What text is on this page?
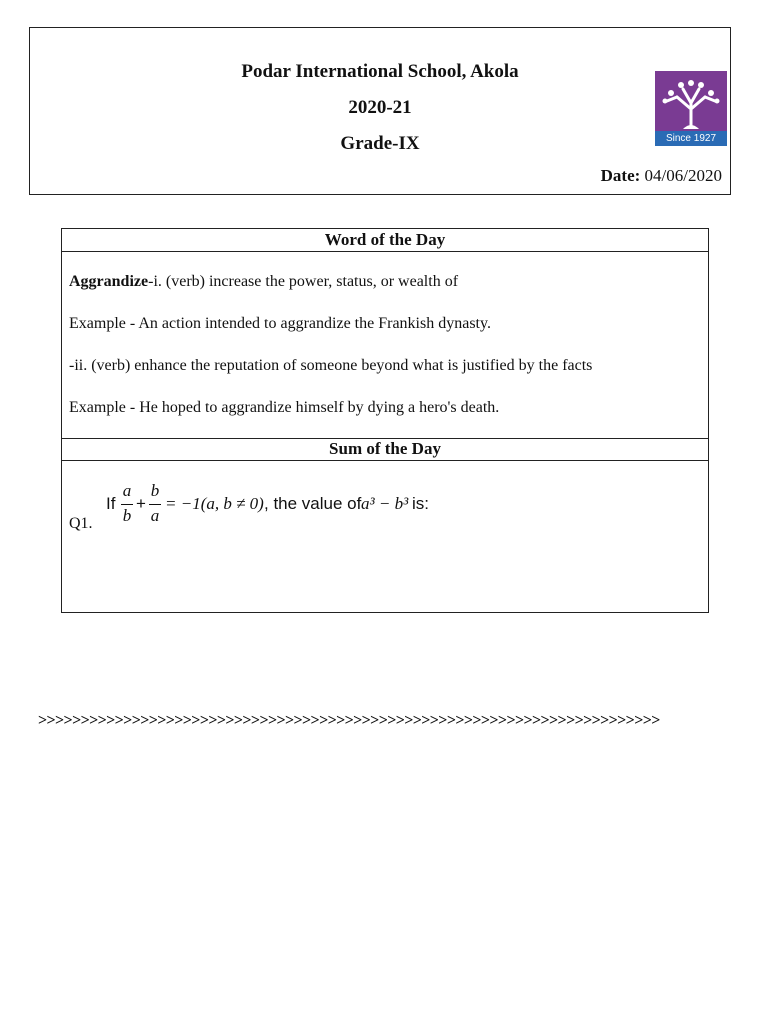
Podar International School, Akola
2020-21
Grade-IX	Since 1927
Date: 04/06/2020
Word of the Day
Aggrandize-i. (verb) increase the power, status, or wealth of
Example - An action intended to aggrandize the Frankish dynasty.
-ii. (verb) enhance the reputation of someone beyond what is justified by the facts
Example - He hoped to aggrandize himself by dying a hero's death.
Sum of the Day
Q1.
If
a
b
+
b
a
= −1(a, b ≠ 0) , the value of a³ − b³ is:
>>>>>>>>>>>>>>>>>>>>>>>>>>>>>>>>>>>>>>>>>>>>>>>>>>>>>>>>>>>>>>>>>>>>>>>>>
